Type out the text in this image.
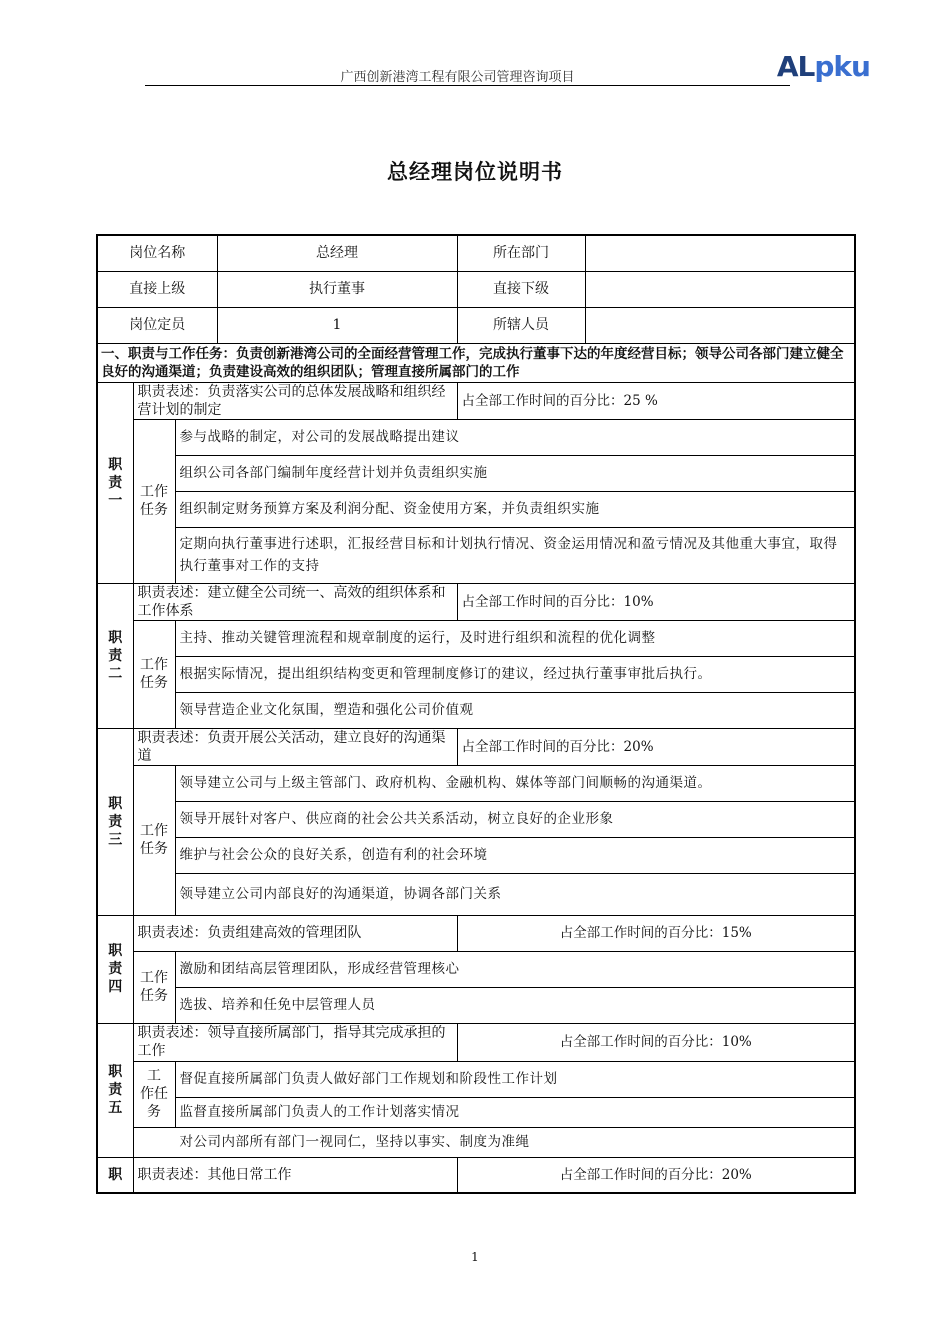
广西创新港湾工程有限公司管理咨询项目	ALpku
总经理岗位说明书
岗位名称			总经理	所在部门	
直接上级			执行董事	直接下级	
岗位定员			1	所辖人员	
一、职责与工作任务：负责创新港湾公司的全面经营管理工作，完成执行董事下达的年度经营目标；领导公司各部门建立健全良好的沟通渠道；负责建设高效的组织团队；管理直接所属部门的工作					
职责一	职责表述：负责落实公司的总体发展战略和组织经营计划的制定			占全部工作时间的百分比：25 %	
	工作任务	参与战略的制定，对公司的发展战略提出建议			
		组织公司各部门编制年度经营计划并负责组织实施			
		组织制定财务预算方案及利润分配、资金使用方案，并负责组织实施			
		定期向执行董事进行述职，汇报经营目标和计划执行情况、资金运用情况和盈亏情况及其他重大事宜，取得执行董事对工作的支持			
职责二	职责表述：建立健全公司统一、高效的组织体系和工作体系			占全部工作时间的百分比：10%	
	工作任务	主持、推动关键管理流程和规章制度的运行，及时进行组织和流程的优化调整			
		根据实际情况，提出组织结构变更和管理制度修订的建议，经过执行董事审批后执行。			
		领导营造企业文化氛围，塑造和强化公司价值观			
职责三	职责表述：负责开展公关活动，建立良好的沟通渠道			占全部工作时间的百分比：20%	
	工作任务	领导建立公司与上级主管部门、政府机构、金融机构、媒体等部门间顺畅的沟通渠道。			
		领导开展针对客户、供应商的社会公共关系活动，树立良好的企业形象			
		维护与社会公众的良好关系，创造有利的社会环境			
		领导建立公司内部良好的沟通渠道，协调各部门关系			
职责四	职责表述：负责组建高效的管理团队			占全部工作时间的百分比：15%	
	工作任务	激励和团结高层管理团队，形成经营管理核心			
		选拔、培养和任免中层管理人员			
职责五	职责表述：领导直接所属部门，指导其完成承担的工作			占全部工作时间的百分比：10%	
	工 作任务	督促直接所属部门负责人做好部门工作规划和阶段性工作计划			
		监督直接所属部门负责人的工作计划落实情况			
	对公司内部所有部门一视同仁，坚持以事实、制度为准绳				
职	职责表述：其他日常工作			占全部工作时间的百分比：20%	
1
